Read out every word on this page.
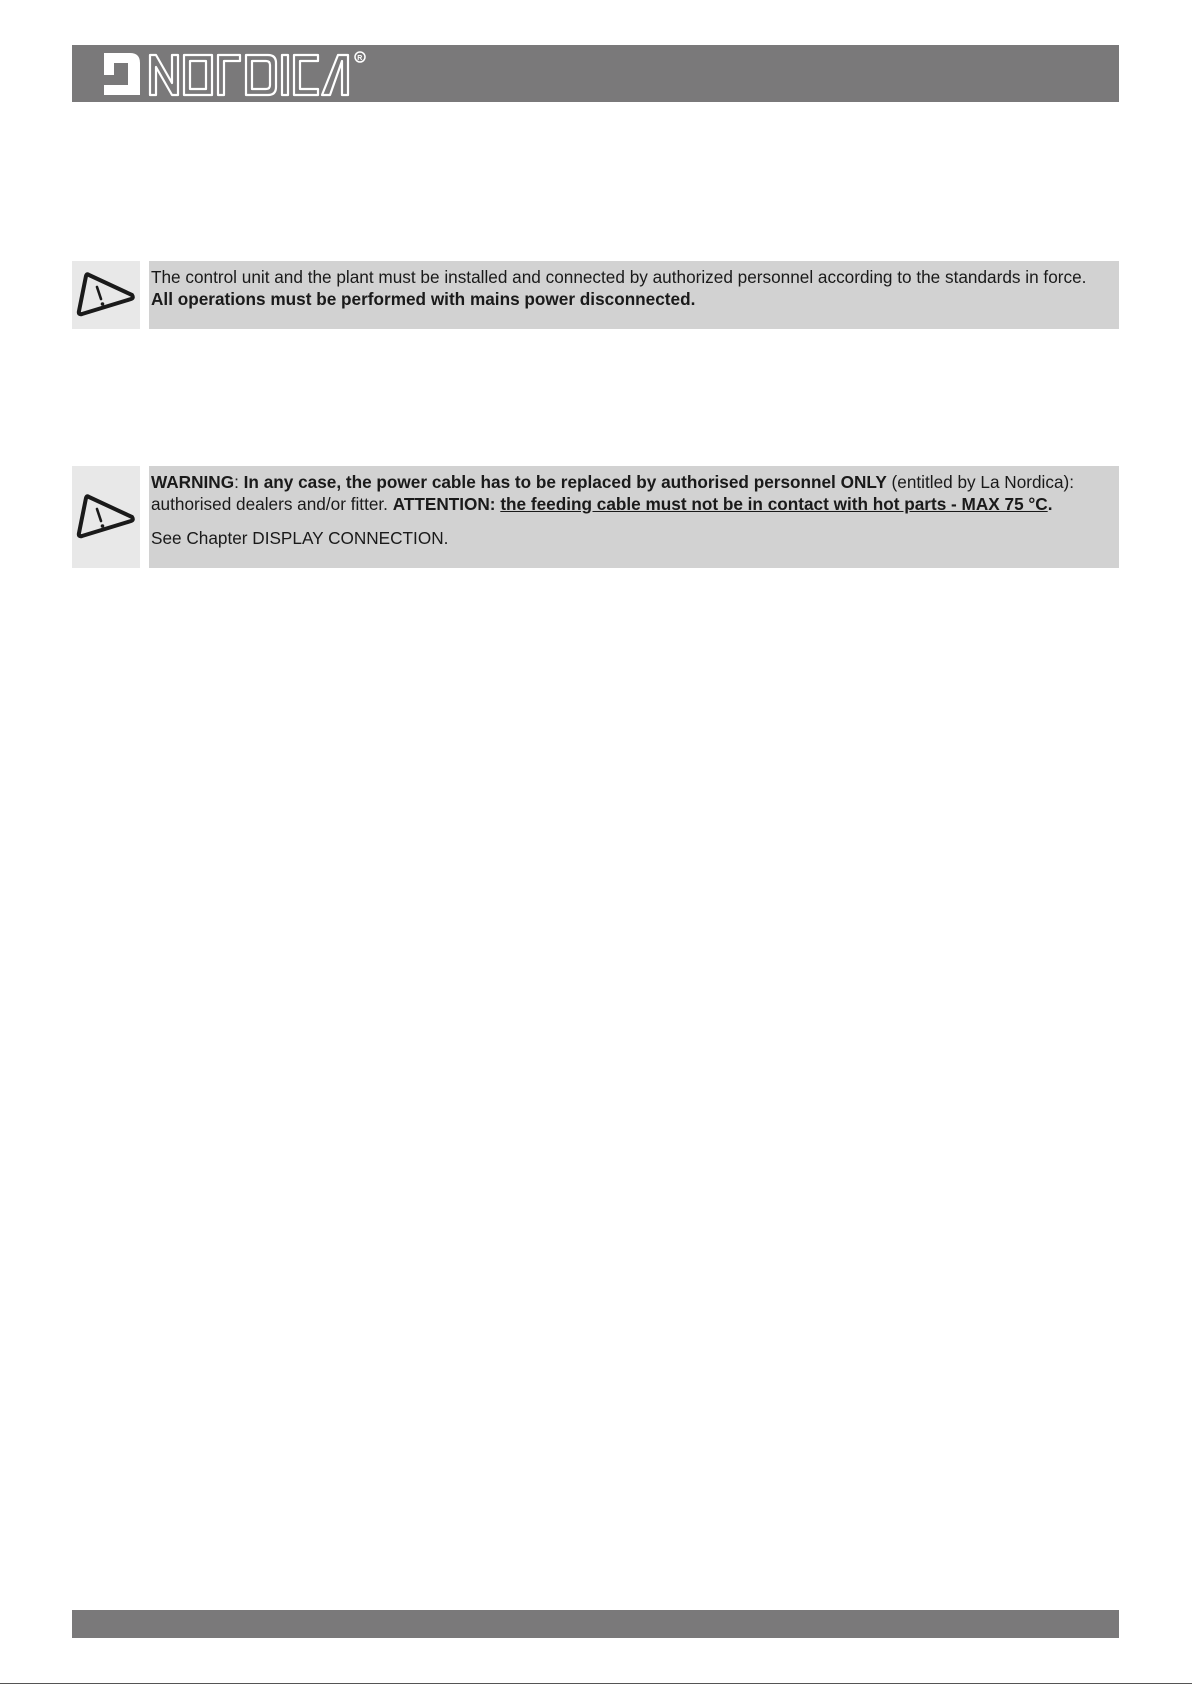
R

The control unit and the plant must be installed and connected by authorized personnel according to the standards in force.

All operations must be performed with mains power disconnected.

WARNING: In any case, the power cable has to be replaced by authorised personnel ONLY (entitled by La Nordica):

authorised dealers and/or fitter. ATTENTION: the feeding cable must not be in contact with hot parts - MAX 75 °C.

See Chapter DISPLAY CONNECTION.
